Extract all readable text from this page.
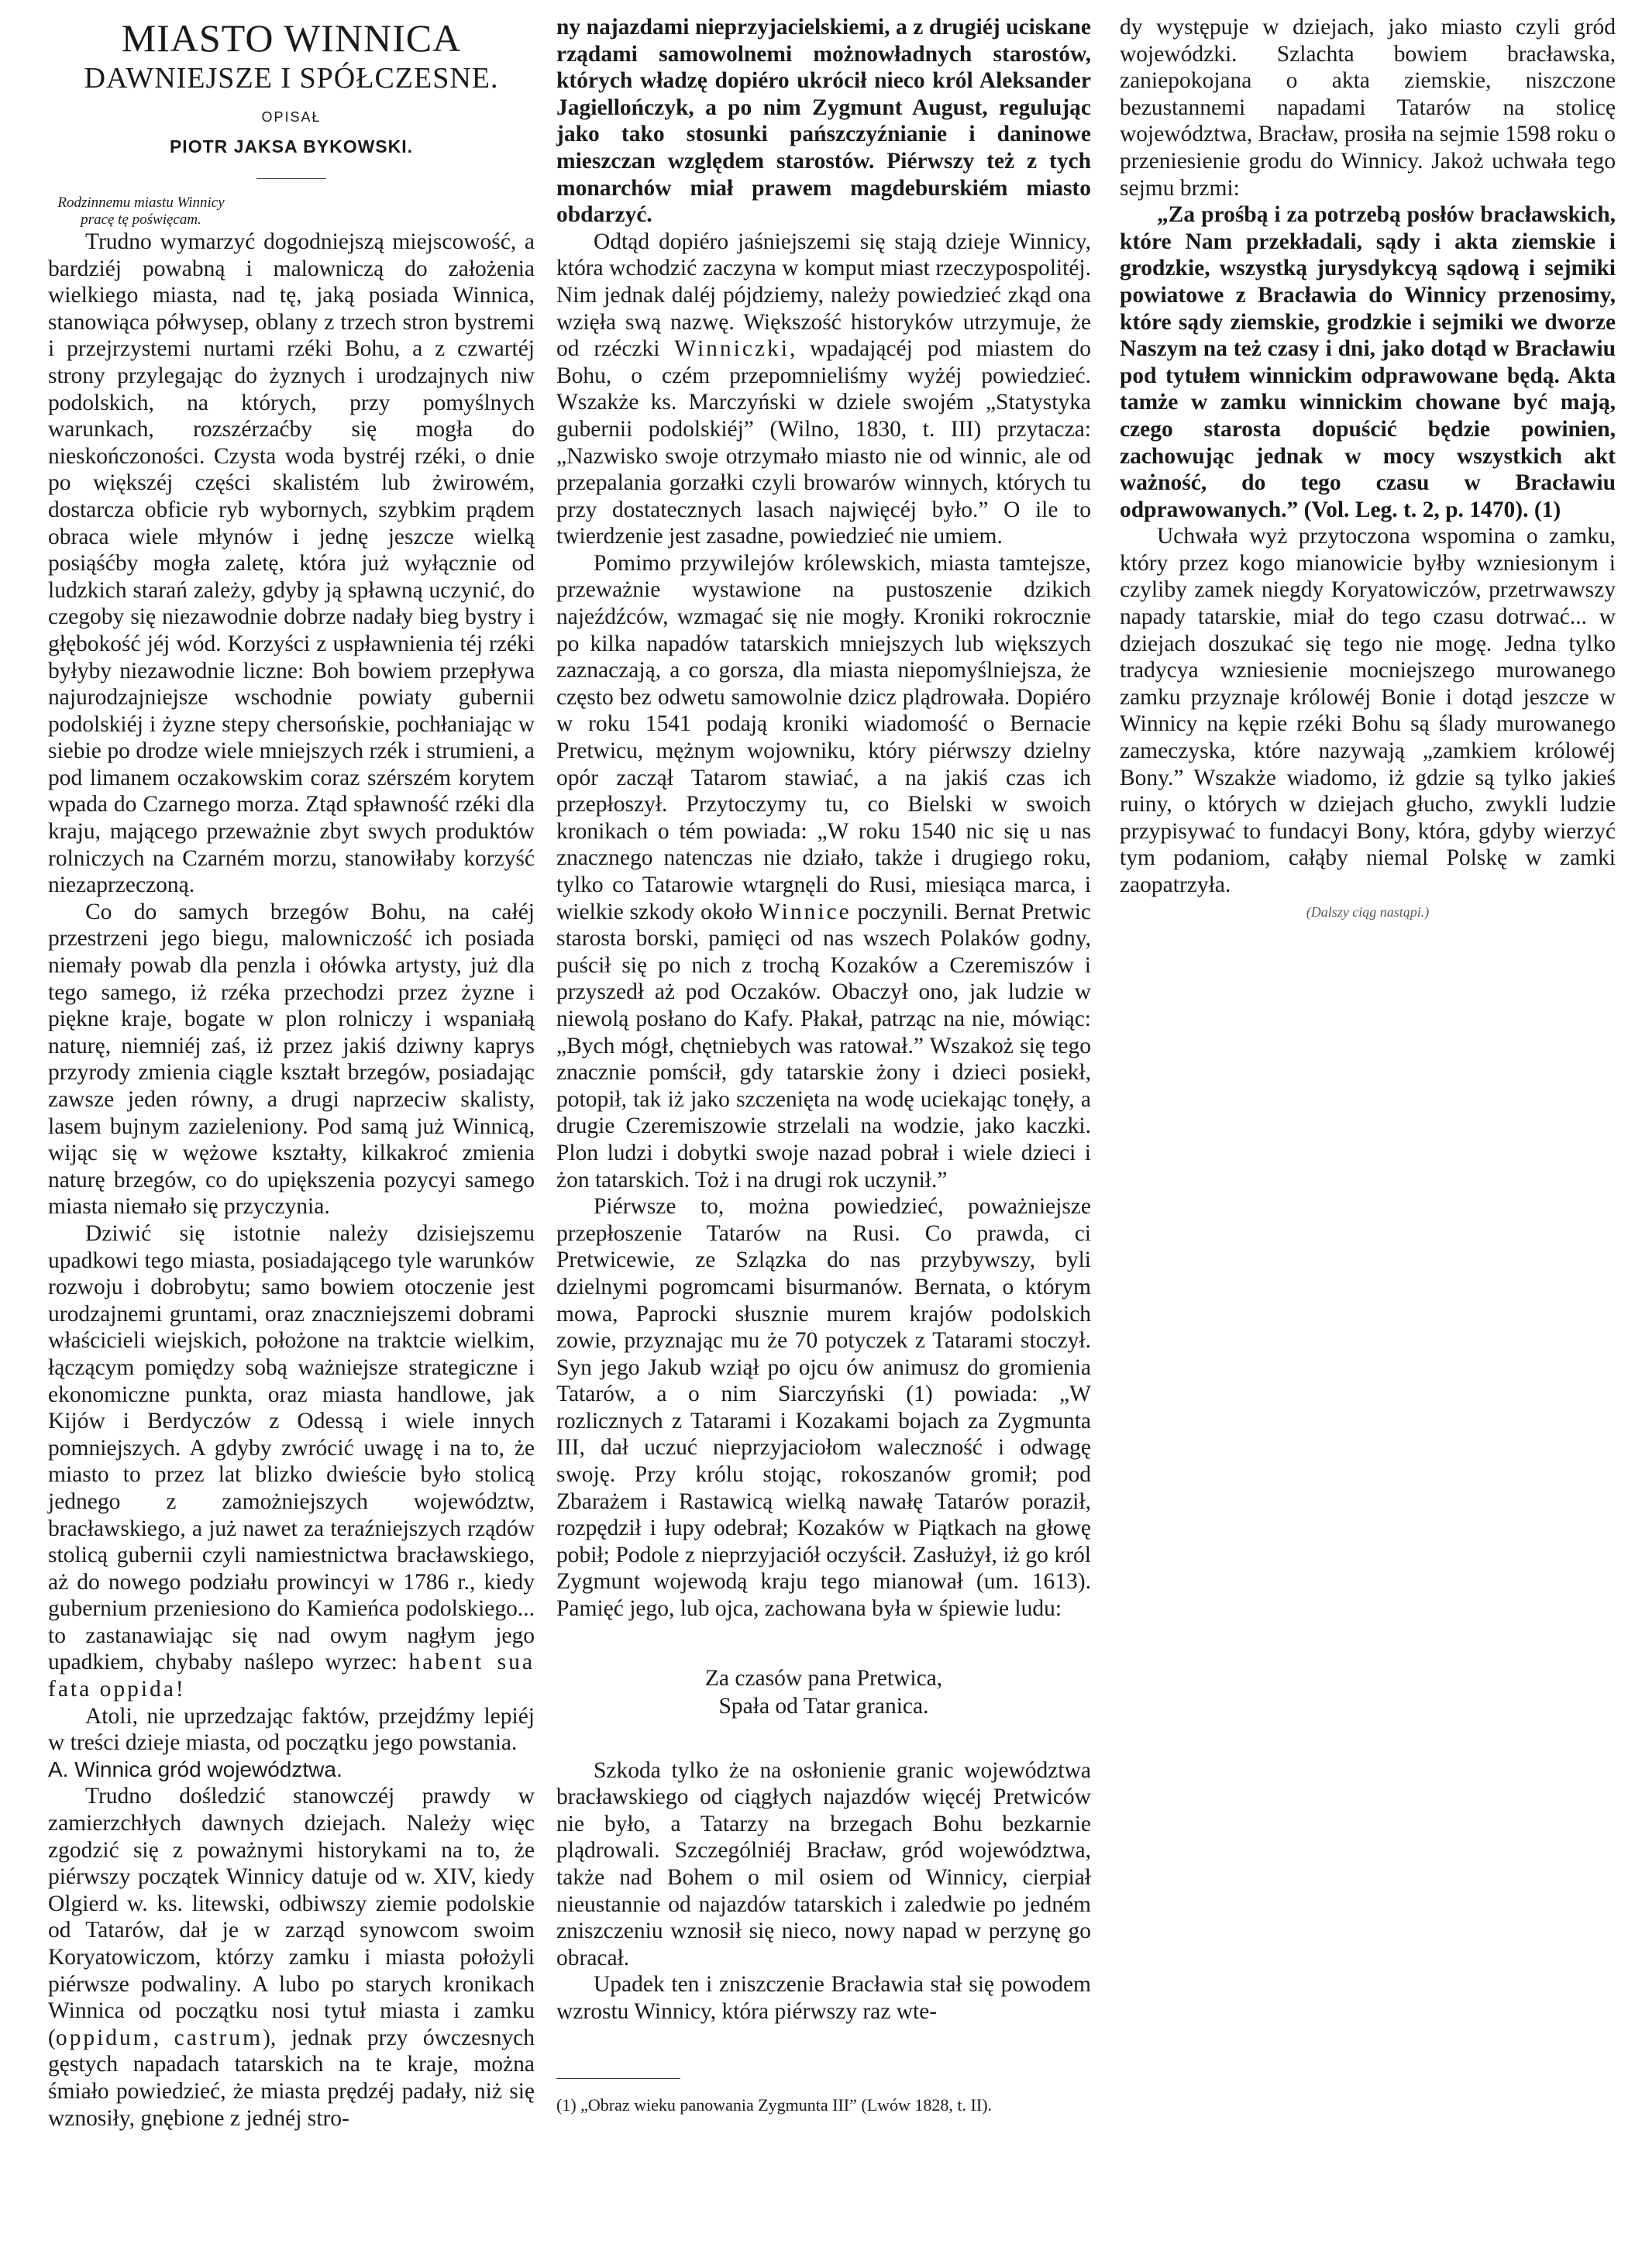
MIASTO WINNICA
DAWNIEJSZE I SPÓŁCZESNE.
OPISAŁ
PIOTR JAKSA BYKOWSKI.

Rodzinnemu miastu Winnicy pracę tę poświęcam.

Trudno wymarzyć dogodniejszą miejscowość, a bardziéj powabną i malowniczą do założenia wielkiego miasta, nad tę, jaką posiada Winnica, stanowiąca półwysep, oblany z trzech stron bystremi i przejrzystemi nurtami rzéki Bohu, a z czwartéj strony przylegając do żyznych i urodzajnych niw podolskich, na których, przy pomyślnych warunkach, rozszérzaćby się mogła do nieskończoności. Czysta woda bystréj rzéki, o dnie po większéj części skalistém lub żwirowém, dostarcza obficie ryb wybornych, szybkim prądem obraca wiele młynów i jednę jeszcze wielką posiąśćby mogła zaletę, która już wyłącznie od ludzkich starań zależy, gdyby ją spławną uczynić, do czegoby się niezawodnie dobrze nadały bieg bystry i głębokość jéj wód. Korzyści z uspławnienia téj rzéki byłyby niezawodnie liczne: Boh bowiem przepływa najurodzajniejsze wschodnie powiaty gubernii podolskiéj i żyzne stepy chersońskie, pochłaniając w siebie po drodze wiele mniejszych rzék i strumieni, a pod limanem oczakowskim coraz szérszém korytem wpada do Czarnego morza. Ztąd spławność rzéki dla kraju, mającego przeważnie zbyt swych produktów rolniczych na Czarném morzu, stanowiłaby korzyść niezaprzeczoną.

Co do samych brzegów Bohu, na całéj przestrzeni jego biegu, malowniczość ich posiada niemały powab dla penzla i ołówka artysty, już dla tego samego, iż rzéka przechodzi przez żyzne i piękne kraje, bogate w plon rolniczy i wspaniałą naturę, niemniéj zaś, iż przez jakiś dziwny kaprys przyrody zmienia ciągle kształt brzegów, posiadając zawsze jeden równy, a drugi naprzeciw skalisty, lasem bujnym zazieleniony. Pod samą już Winnicą, wijąc się w wężowe kształty, kilkakroć zmienia naturę brzegów, co do upiększenia pozycyi samego miasta niemało się przyczynia.

Dziwić się istotnie należy dzisiejszemu upadkowi tego miasta, posiadającego tyle warunków rozwoju i dobrobytu; samo bowiem otoczenie jest urodzajnemi gruntami, oraz znaczniejszemi dobrami właścicieli wiejskich, położone na traktcie wielkim, łączącym pomiędzy sobą ważniejsze strategiczne i ekonomiczne punkta, oraz miasta handlowe, jak Kijów i Berdyczów z Odessą i wiele innych pomniejszych. A gdyby zwrócić uwagę i na to, że miasto to przez lat blizko dwieście było stolicą jednego z zamożniejszych województw, bracławskiego, a już nawet za teraźniejszych rządów stolicą gubernii czyli namiestnictwa bracławskiego, aż do nowego podziału prowincyi w 1786 r., kiedy gubernium przeniesiono do Kamieńca podolskiego... to zastanawiając się nad owym nagłym jego upadkiem, chybaby naślepo wyrzec: habent sua fata oppida!

Atoli, nie uprzedzając faktów, przejdźmy lepiéj w treści dzieje miasta, od początku jego powstania.

A. Winnica gród województwa.

Trudno dośledzić stanowczéj prawdy w zamierzchłych dawnych dziejach. Należy więc zgodzić się z poważnymi historykami na to, że piérwszy początek Winnicy datuje od w. XIV, kiedy Olgierd w. ks. litewski, odbiwszy ziemie podolskie od Tatarów, dał je w zarząd synowcom swoim Koryatowiczom, którzy zamku i miasta położyli piérwsze podwaliny. A lubo po starych kronikach Winnica od początku nosi tytuł miasta i zamku (oppidum, castrum), jednak przy ówczesnych gęstych napadach tatarskich na te kraje, można śmiało powiedzieć, że miasta prędzéj padały, niż się wznosiły, gnębione z jednéj stro-

ny najazdami nieprzyjacielskiemi, a z drugiéj uciskane rządami samowolnemi możnowładnych starostów, których władzę dopiéro ukrócił nieco król Aleksander Jagiellończyk, a po nim Zygmunt August, regulując jako tako stosunki pańszczyźnianie i daninowe mieszczan względem starostów. Piérwszy też z tych monarchów miał prawem magdeburskiém miasto obdarzyć.

Odtąd dopiéro jaśniejszemi się stają dzieje Winnicy, która wchodzić zaczyna w komput miast rzeczypospolitéj. Nim jednak daléj pójdziemy, należy powiedzieć zkąd ona wzięła swą nazwę. Większość historyków utrzymuje, że od rzéczki Winniczki, wpadającéj pod miastem do Bohu, o czém przepomnieliśmy wyżéj powiedzieć. Wszakże ks. Marczyński w dziele swojém „Statystyka gubernii podolskiéj” (Wilno, 1830, t. III) przytacza: „Nazwisko swoje otrzymało miasto nie od winnic, ale od przepalania gorzałki czyli browarów winnych, których tu przy dostatecznych lasach najwięcéj było.” O ile to twierdzenie jest zasadne, powiedzieć nie umiem.

Pomimo przywilejów królewskich, miasta tamtejsze, przeważnie wystawione na pustoszenie dzikich najeźdźców, wzmagać się nie mogły. Kroniki rokrocznie po kilka napadów tatarskich mniejszych lub większych zaznaczają, a co gorsza, dla miasta niepomyślniejsza, że często bez odwetu samowolnie dzicz plądrowała. Dopiéro w roku 1541 podają kroniki wiadomość o Bernacie Pretwicu, mężnym wojowniku, który piérwszy dzielny opór zaczął Tatarom stawiać, a na jakiś czas ich przepłoszył. Przytoczymy tu, co Bielski w swoich kronikach o tém powiada: „W roku 1540 nic się u nas znacznego natenczas nie działo, także i drugiego roku, tylko co Tatarowie wtargnęli do Rusi, miesiąca marca, i wielkie szkody około Winnice poczynili. Bernat Pretwic starosta borski, pamięci od nas wszech Polaków godny, puścił się po nich z trochą Kozaków a Czeremiszów i przyszedł aż pod Oczaków. Obaczył ono, jak ludzie w niewolą posłano do Kafy. Płakał, patrząc na nie, mówiąc: „Bych mógł, chętniebych was ratował.” Wszakoż się tego znacznie pomścił, gdy tatarskie żony i dzieci posiekł, potopił, tak iż jako szczenięta na wodę uciekając tonęły, a drugie Czeremiszowie strzelali na wodzie, jako kaczki. Plon ludzi i dobytki swoje nazad pobrał i wiele dzieci i żon tatarskich. Toż i na drugi rok uczynił.”

Piérwsze to, można powiedzieć, poważniejsze przepłoszenie Tatarów na Rusi. Co prawda, ci Pretwicewie, ze Szlązka do nas przybywszy, byli dzielnymi pogromcami bisurmanów. Bernata, o którym mowa, Paprocki słusznie murem krajów podolskich zowie, przyznając mu że 70 potyczek z Tatarami stoczył. Syn jego Jakub wziął po ojcu ów animusz do gromienia Tatarów, a o nim Siarczyński (1) powiada: „W rozlicznych z Tatarami i Kozakami bojach za Zygmunta III, dał uczuć nieprzyjaciołom waleczność i odwagę swoję. Przy królu stojąc, rokoszanów gromił; pod Zbarażem i Rastawicą wielką nawałę Tatarów poraził, rozpędził i łupy odebrał; Kozaków w Piątkach na głowę pobił; Podole z nieprzyjaciół oczyścił. Zasłużył, iż go król Zygmunt wojewodą kraju tego mianował (um. 1613). Pamięć jego, lub ojca, zachowana była w śpiewie ludu:

Za czasów pana Pretwica,
Spała od Tatar granica.

Szkoda tylko że na osłonienie granic województwa bracławskiego od ciągłych najazdów więcéj Pretwiców nie było, a Tatarzy na brzegach Bohu bezkarnie plądrowali. Szczególniéj Bracław, gród województwa, także nad Bohem o mil osiem od Winnicy, cierpiał nieustannie od najazdów tatarskich i zaledwie po jedném zniszczeniu wznosił się nieco, nowy napad w perzynę go obracał.

Upadek ten i zniszczenie Bracławia stał się powodem wzrostu Winnicy, która piérwszy raz wte-

(1) „Obraz wieku panowania Zygmunta III” (Lwów 1828, t. II).

dy występuje w dziejach, jako miasto czyli gród wojewódzki. Szlachta bowiem bracławska, zaniepokojana o akta ziemskie, niszczone bezustannemi napadami Tatarów na stolicę województwa, Bracław, prosiła na sejmie 1598 roku o przeniesienie grodu do Winnicy. Jakoż uchwała tego sejmu brzmi:

„Za prośbą i za potrzebą posłów bracławskich, które Nam przekładali, sądy i akta ziemskie i grodzkie, wszystką jurysdykcyą sądową i sejmiki powiatowe z Bracławia do Winnicy przenosimy, które sądy ziemskie, grodzkie i sejmiki we dworze Naszym na też czasy i dni, jako dotąd w Bracławiu pod tytułem winnickim odprawowane będą. Akta tamże w zamku winnickim chowane być mają, czego starosta dopuścić będzie powinien, zachowując jednak w mocy wszystkich akt ważność, do tego czasu w Bracławiu odprawowanych.” (Vol. Leg. t. 2, p. 1470). (1)

Uchwała wyż przytoczona wspomina o zamku, który przez kogo mianowicie byłby wzniesionym i czyliby zamek niegdy Koryatowiczów, przetrwawszy napady tatarskie, miał do tego czasu dotrwać... w dziejach doszukać się tego nie mogę. Jedna tylko tradycya wzniesienie mocniejszego murowanego zamku przyznaje królowéj Bonie i dotąd jeszcze w Winnicy na kępie rzéki Bohu są ślady murowanego zameczyska, które nazywają „zamkiem królowéj Bony.” Wszakże wiadomo, iż gdzie są tylko jakieś ruiny, o których w dziejach głucho, zwykli ludzie przypisywać to fundacyi Bony, która, gdyby wierzyć tym podaniom, całąby niemal Polskę w zamki zaopatrzyła.

(Dalszy ciąg nastąpi.)
